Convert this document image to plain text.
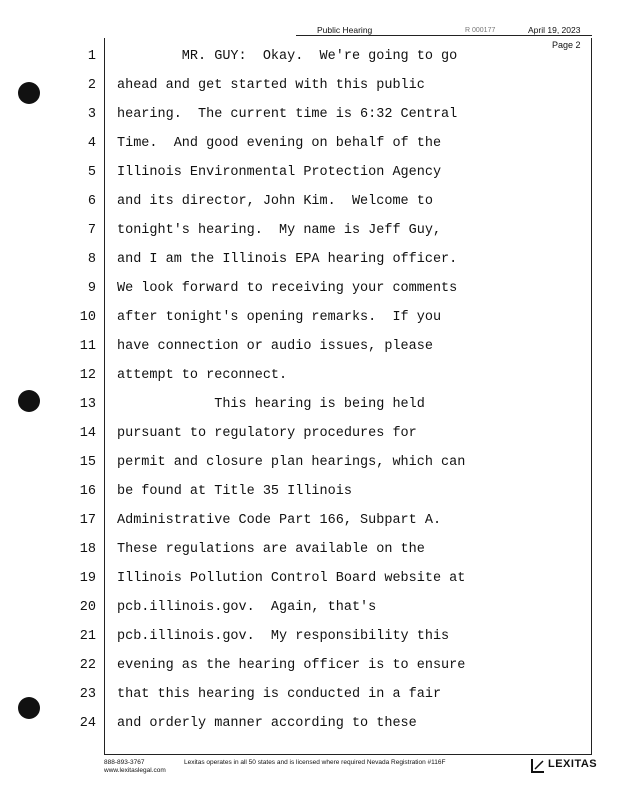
Public Hearing	R 000177	April 19, 2023
Page 2
1 MR. GUY:  Okay.  We're going to go
2 ahead and get started with this public
3 hearing.  The current time is 6:32 Central
4 Time.  And good evening on behalf of the
5 Illinois Environmental Protection Agency
6 and its director, John Kim.  Welcome to
7 tonight's hearing.  My name is Jeff Guy,
8 and I am the Illinois EPA hearing officer.
9 We look forward to receiving your comments
10 after tonight's opening remarks.  If you
11 have connection or audio issues, please
12 attempt to reconnect.
13 This hearing is being held
14 pursuant to regulatory procedures for
15 permit and closure plan hearings, which can
16 be found at Title 35 Illinois
17 Administrative Code Part 166, Subpart A.
18 These regulations are available on the
19 Illinois Pollution Control Board website at
20 pcb.illinois.gov.  Again, that's
21 pcb.illinois.gov.  My responsibility this
22 evening as the hearing officer is to ensure
23 that this hearing is conducted in a fair
24 and orderly manner according to these
888-893-3767
www.lexitaslegal.com
Lexitas operates in all 50 states and is licensed where required Nevada Registration #116F	LEXITAS
